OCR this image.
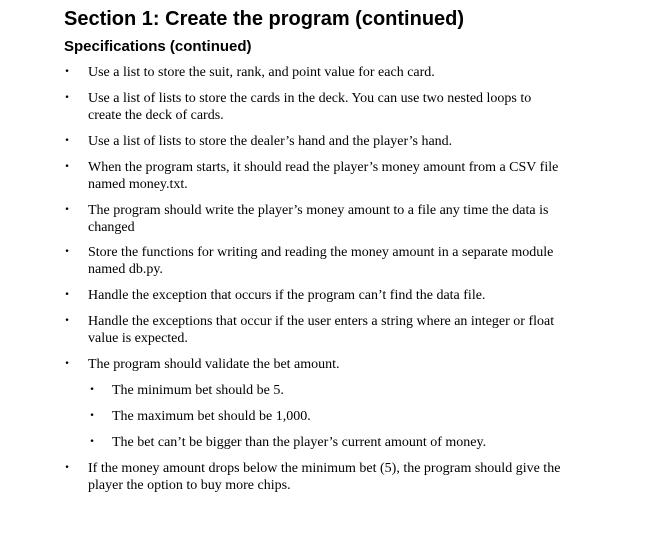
Section 1: Create the program (continued)
Specifications (continued)
• Use a list to store the suit, rank, and point value for each card.
• Use a list of lists to store the cards in the deck. You can use two nested loops to
create the deck of cards.
• Use a list of lists to store the dealer’s hand and the player’s hand.
• When the program starts, it should read the player’s money amount from a CSV file
named money.txt.
• The program should write the player’s money amount to a file any time the data is
changed
• Store the functions for writing and reading the money amount in a separate module
named db.py.
• Handle the exception that occurs if the program can’t find the data file.
• Handle the exceptions that occur if the user enters a string where an integer or float
value is expected.
• The program should validate the bet amount.
• The minimum bet should be 5.
• The maximum bet should be 1,000.
• The bet can’t be bigger than the player’s current amount of money.
• If the money amount drops below the minimum bet (5), the program should give the
player the option to buy more chips.
